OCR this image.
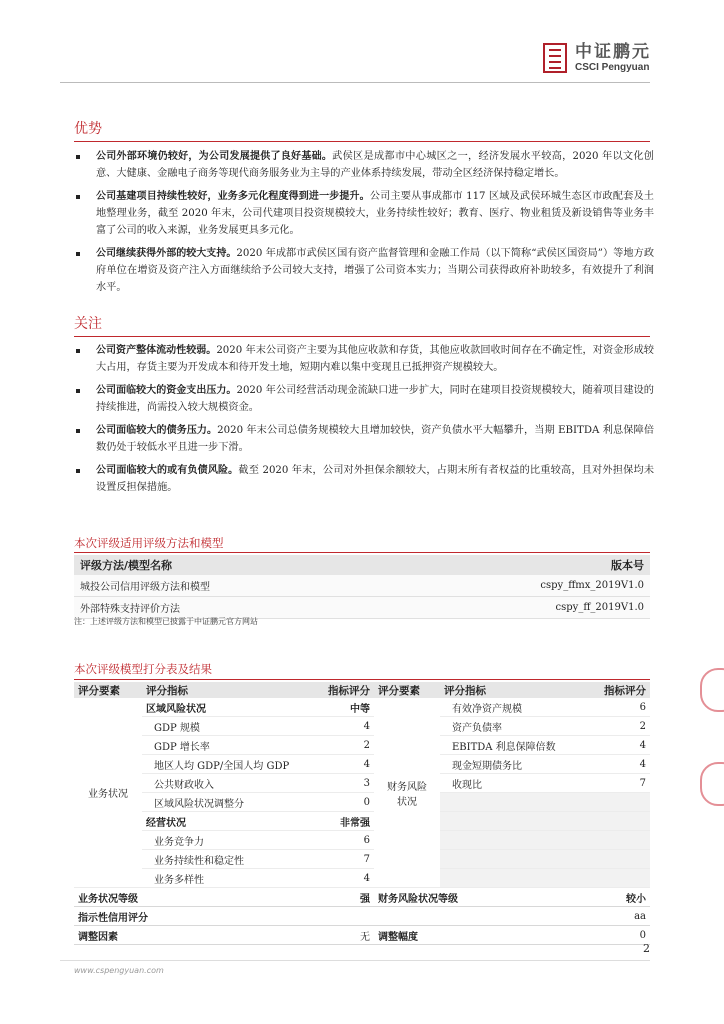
中证鹏元
CSCI Pengyuan
优势
公司外部环境仍较好，为公司发展提供了良好基础。武侯区是成都市中心城区之一，经济发展水平较高，2020 年以文化创意、大健康、金融电子商务等现代商务服务业为主导的产业体系持续发展，带动全区经济保持稳定增长。
公司基建项目持续性较好，业务多元化程度得到进一步提升。公司主要从事成都市 117 区域及武侯环城生态区市政配套及土地整理业务，截至 2020 年末，公司代建项目投资规模较大，业务持续性较好；教育、医疗、物业租赁及新设销售等业务丰富了公司的收入来源，业务发展更具多元化。
公司继续获得外部的较大支持。2020 年成都市武侯区国有资产监督管理和金融工作局（以下简称“武侯区国资局”）等地方政府单位在增资及资产注入方面继续给予公司较大支持，增强了公司资本实力；当期公司获得政府补助较多，有效提升了利润水平。
关注
公司资产整体流动性较弱。2020 年末公司资产主要为其他应收款和存货，其他应收款回收时间存在不确定性，对资金形成较大占用，存货主要为开发成本和待开发土地，短期内难以集中变现且已抵押资产规模较大。
公司面临较大的资金支出压力。2020 年公司经营活动现金流缺口进一步扩大，同时在建项目投资规模较大，随着项目建设的持续推进，尚需投入较大规模资金。
公司面临较大的债务压力。2020 年末公司总债务规模较大且增加较快，资产负债水平大幅攀升，当期 EBITDA 利息保障倍数仍处于较低水平且进一步下滑。
公司面临较大的或有负债风险。截至 2020 年末，公司对外担保余额较大，占期末所有者权益的比重较高，且对外担保均未设置反担保措施。
本次评级适用评级方法和模型
评级方法/模型名称	版本号
城投公司信用评级方法和模型	cspy_ffmx_2019V1.0
外部特殊支持评价方法	cspy_ff_2019V1.0
注：上述评级方法和模型已披露于中证鹏元官方网站
本次评级模型打分表及结果
评分要素	评分指标	指标评分	评分要素	评分指标	指标评分
业务状况	区域风险状况	中等	财务风险状况	有效净资产规模	6
	GDP 规模	4		资产负债率	2
	GDP 增长率	2		EBITDA 利息保障倍数	4
	地区人均 GDP/全国人均 GDP	4		现金短期债务比	4
	公共财政收入	3		收现比	7
	区域风险状况调整分	0			
	经营状况	非常强			
	业务竞争力	6			
	业务持续性和稳定性	7			
	业务多样性	4			
业务状况等级		强	财务风险状况等级		较小
指示性信用评分		aa			
调整因素		无	调整幅度		0
2
www.cspengyuan.com
